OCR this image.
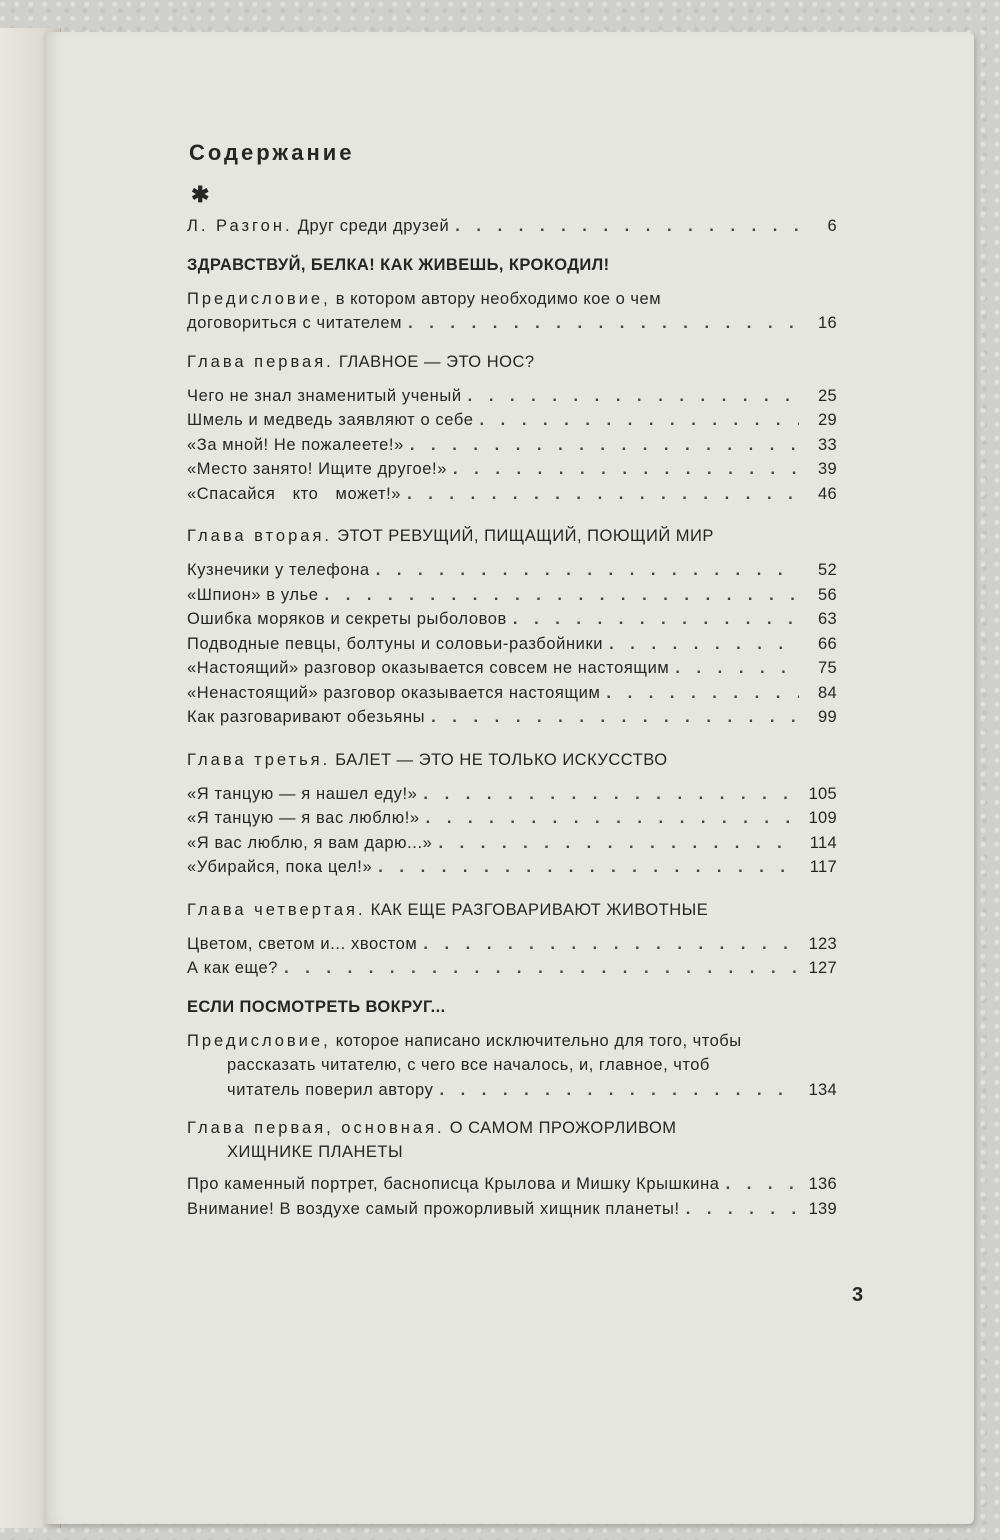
Содержание
✱
Л. Разгон. Друг среди друзей . . .	6
ЗДРАВСТВУЙ, БЕЛКА! КАК ЖИВЕШЬ, КРОКОДИЛ!
Предисловие, в котором автору необходимо кое о чем
договориться с читателем . . .	16
Глава первая. ГЛАВНОЕ — ЭТО НОС?
Чего не знал знаменитый ученый . . .	25
Шмель и медведь заявляют о себе . . .	29
«За мной! Не пожалеете!» . . .	33
«Место занято! Ищите другое!» . . .	39
«Спасайся кто может!» . . .	46
Глава вторая. ЭТОТ РЕВУЩИЙ, ПИЩАЩИЙ, ПОЮЩИЙ МИР
Кузнечики у телефона . . .	52
«Шпион» в улье . . .	56
Ошибка моряков и секреты рыболовов . . .	63
Подводные певцы, болтуны и соловьи-разбойники . . .	66
«Настоящий» разговор оказывается совсем не настоящим . . .	75
«Ненастоящий» разговор оказывается настоящим . . .	84
Как разговаривают обезьяны . . .	99
Глава третья. БАЛЕТ — ЭТО НЕ ТОЛЬКО ИСКУССТВО
«Я танцую — я нашел еду!» . . .	105
«Я танцую — я вас люблю!» . . .	109
«Я вас люблю, я вам дарю...» . . .	114
«Убирайся, пока цел!» . . .	117
Глава четвертая. КАК ЕЩЕ РАЗГОВАРИВАЮТ ЖИВОТНЫЕ
Цветом, светом и... хвостом . . .	123
А как еще? . . .	127
ЕСЛИ ПОСМОТРЕТЬ ВОКРУГ...
Предисловие, которое написано исключительно для того, чтобы
рассказать читателю, с чего все началось, и, главное, чтоб
читатель поверил автору . . .	134
Глава первая, основная. О САМОМ ПРОЖОРЛИВОМ
ХИЩНИКЕ ПЛАНЕТЫ
Про каменный портрет, баснописца Крылова и Мишку Крышкина . . .	136
Внимание! В воздухе самый прожорливый хищник планеты! . . .	139
3
